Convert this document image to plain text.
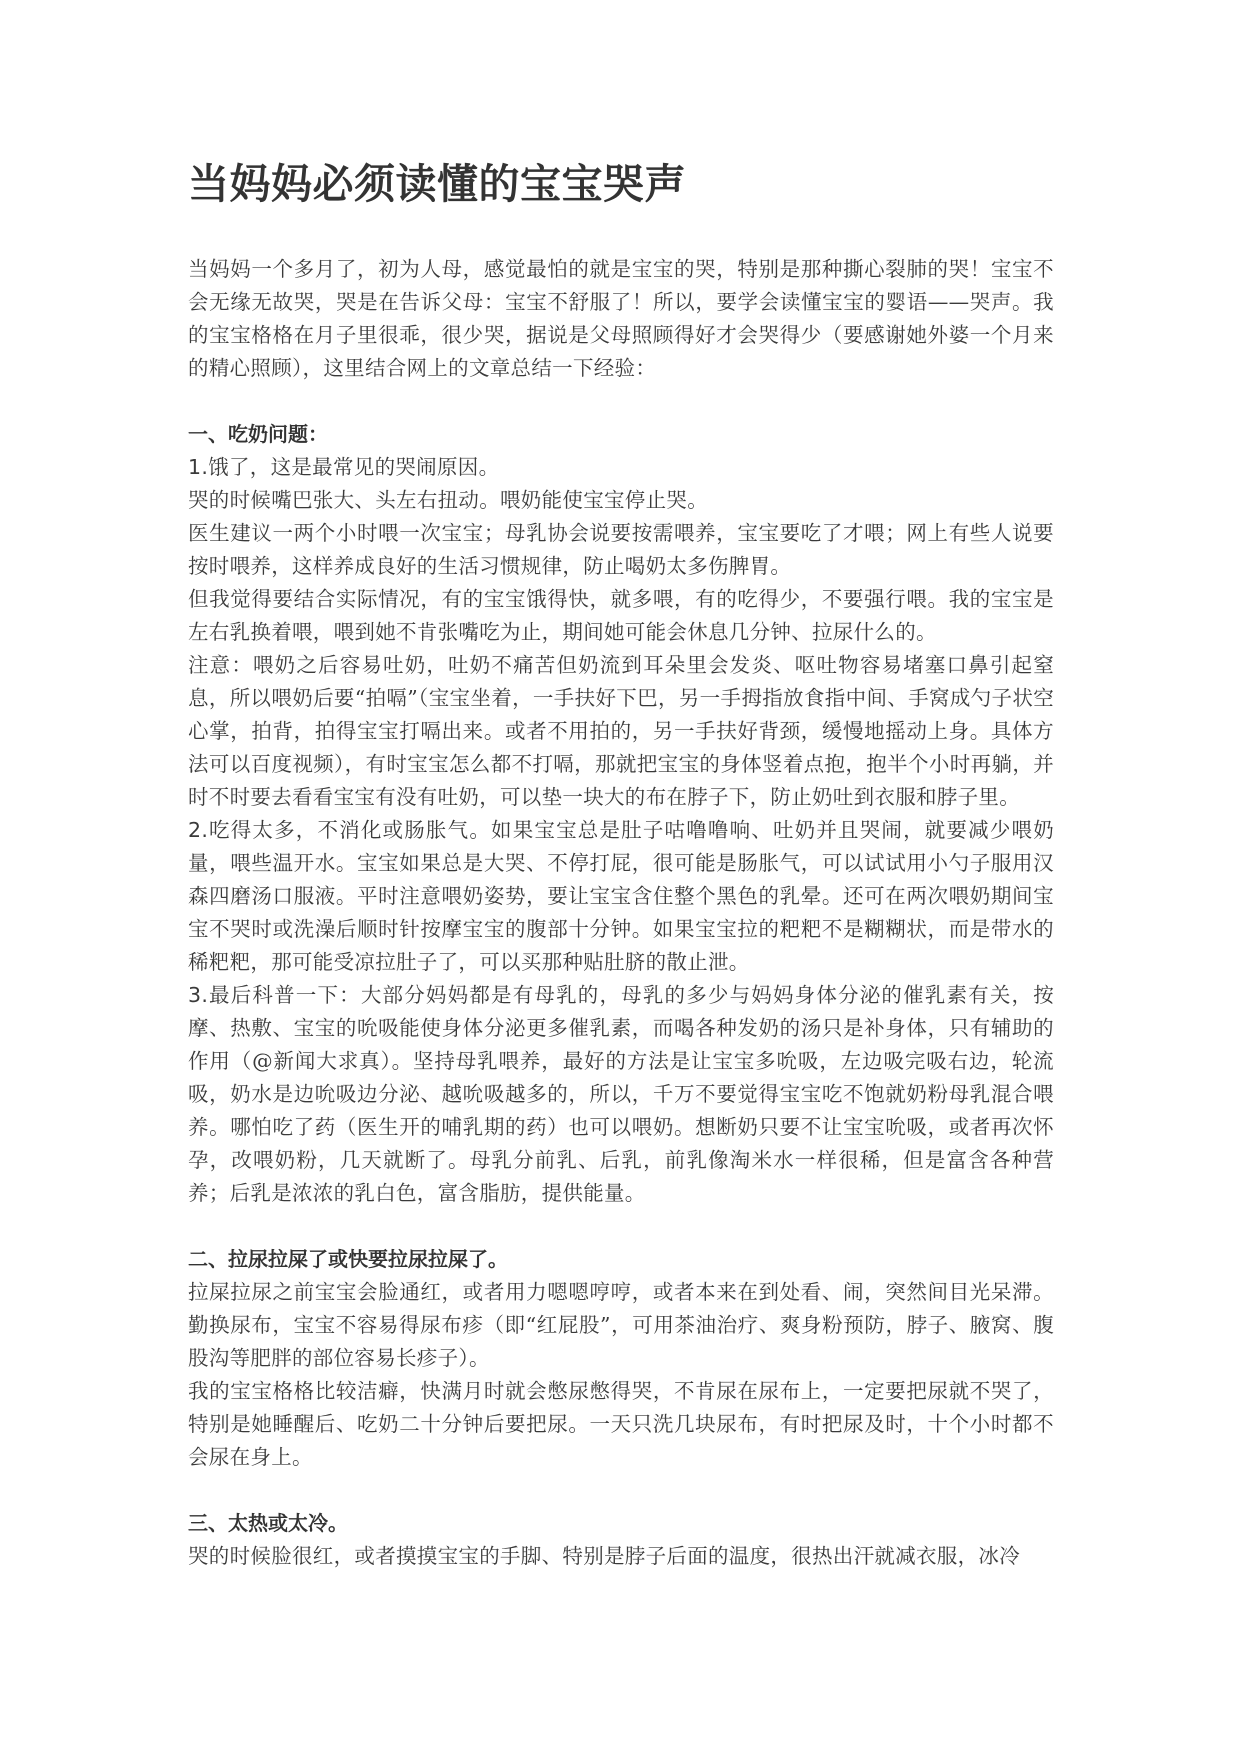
当妈妈必须读懂的宝宝哭声

当妈妈一个多月了，初为人母，感觉最怕的就是宝宝的哭，特别是那种撕心裂肺的哭！宝宝不会无缘无故哭，哭是在告诉父母：宝宝不舒服了！所以，要学会读懂宝宝的婴语——哭声。我的宝宝格格在月子里很乖，很少哭，据说是父母照顾得好才会哭得少（要感谢她外婆一个月来的精心照顾），这里结合网上的文章总结一下经验：

一、吃奶问题：

1.饿了，这是最常见的哭闹原因。

哭的时候嘴巴张大、头左右扭动。喂奶能使宝宝停止哭。

医生建议一两个小时喂一次宝宝；母乳协会说要按需喂养，宝宝要吃了才喂；网上有些人说要按时喂养，这样养成良好的生活习惯规律，防止喝奶太多伤脾胃。

但我觉得要结合实际情况，有的宝宝饿得快，就多喂，有的吃得少，不要强行喂。我的宝宝是左右乳换着喂，喂到她不肯张嘴吃为止，期间她可能会休息几分钟、拉尿什么的。

注意：喂奶之后容易吐奶，吐奶不痛苦但奶流到耳朵里会发炎、呕吐物容易堵塞口鼻引起窒息，所以喂奶后要“拍嗝”（宝宝坐着，一手扶好下巴，另一手拇指放食指中间、手窝成勺子状空心掌，拍背，拍得宝宝打嗝出来。或者不用拍的，另一手扶好背颈，缓慢地摇动上身。具体方法可以百度视频），有时宝宝怎么都不打嗝，那就把宝宝的身体竖着点抱，抱半个小时再躺，并时不时要去看看宝宝有没有吐奶，可以垫一块大的布在脖子下，防止奶吐到衣服和脖子里。

2.吃得太多，不消化或肠胀气。如果宝宝总是肚子咕噜噜响、吐奶并且哭闹，就要减少喂奶量，喂些温开水。宝宝如果总是大哭、不停打屁，很可能是肠胀气，可以试试用小勺子服用汉森四磨汤口服液。平时注意喂奶姿势，要让宝宝含住整个黑色的乳晕。还可在两次喂奶期间宝宝不哭时或洗澡后顺时针按摩宝宝的腹部十分钟。如果宝宝拉的粑粑不是糊糊状，而是带水的稀粑粑，那可能受凉拉肚子了，可以买那种贴肚脐的散止泄。

3.最后科普一下：大部分妈妈都是有母乳的，母乳的多少与妈妈身体分泌的催乳素有关，按摩、热敷、宝宝的吮吸能使身体分泌更多催乳素，而喝各种发奶的汤只是补身体，只有辅助的作用（@新闻大求真）。坚持母乳喂养，最好的方法是让宝宝多吮吸，左边吸完吸右边，轮流吸，奶水是边吮吸边分泌、越吮吸越多的，所以，千万不要觉得宝宝吃不饱就奶粉母乳混合喂养。哪怕吃了药（医生开的哺乳期的药）也可以喂奶。想断奶只要不让宝宝吮吸，或者再次怀孕，改喂奶粉，几天就断了。母乳分前乳、后乳，前乳像淘米水一样很稀，但是富含各种营养；后乳是浓浓的乳白色，富含脂肪，提供能量。

二、拉尿拉屎了或快要拉尿拉屎了。

拉屎拉尿之前宝宝会脸通红，或者用力嗯嗯哼哼，或者本来在到处看、闹，突然间目光呆滞。勤换尿布，宝宝不容易得尿布疹（即“红屁股”，可用茶油治疗、爽身粉预防，脖子、腋窝、腹股沟等肥胖的部位容易长疹子）。

我的宝宝格格比较洁癖，快满月时就会憋尿憋得哭，不肯尿在尿布上，一定要把尿就不哭了，特别是她睡醒后、吃奶二十分钟后要把尿。一天只洗几块尿布，有时把尿及时，十个小时都不会尿在身上。

三、太热或太冷。

哭的时候脸很红，或者摸摸宝宝的手脚、特别是脖子后面的温度，很热出汗就减衣服，冰冷
